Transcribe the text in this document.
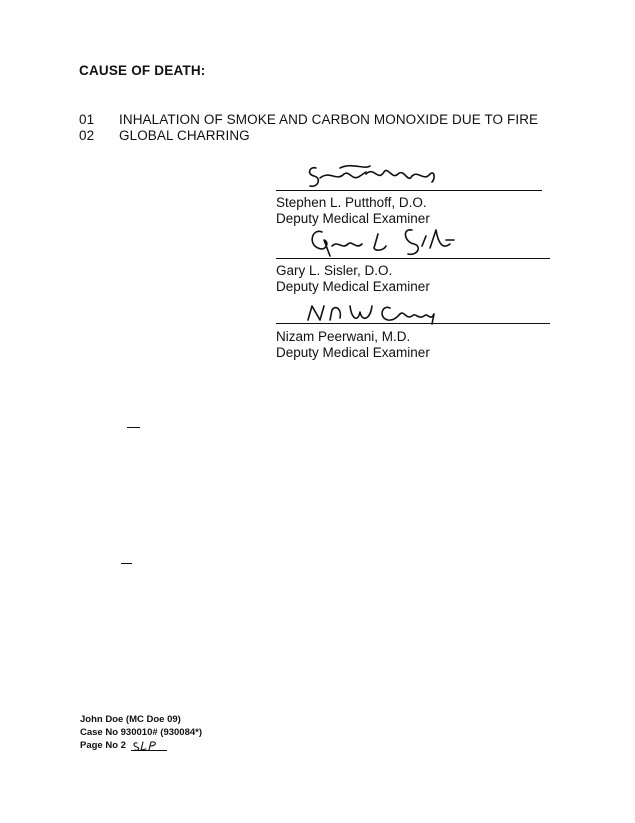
CAUSE OF DEATH:
01 INHALATION OF SMOKE AND CARBON MONOXIDE DUE TO FIRE
02 GLOBAL CHARRING
Stephen L. Putthoff, D.O.
Deputy Medical Examiner
Gary L. Sisler, D.O.
Deputy Medical Examiner
Nizam Peerwani, M.D.
Deputy Medical Examiner
John Doe (MC Doe 09)
Case No 930010# (930084*)
Page No 2
